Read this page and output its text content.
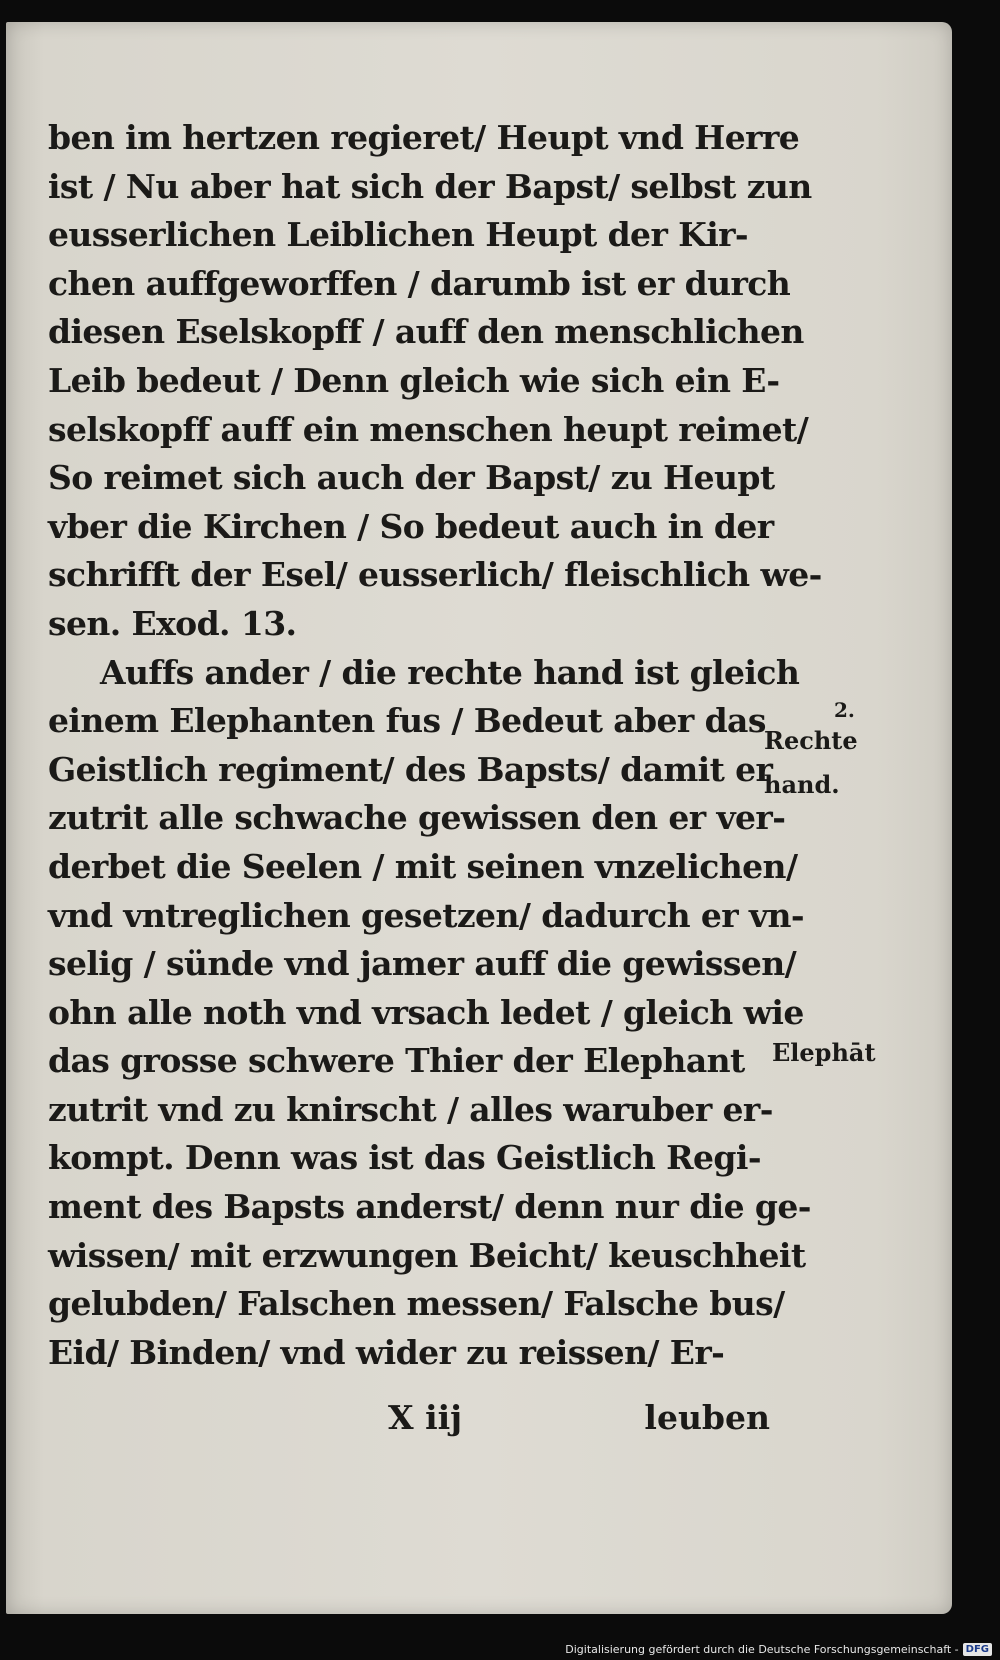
ben im hertzen regieret/ Heupt vnd Herre
ist / Nu aber hat sich der Bapst/ selbst zun
eusserlichen Leiblichen Heupt der Kir-
chen auffgeworffen / darumb ist er durch
diesen Eselskopff / auff den menschlichen
Leib bedeut / Denn gleich wie sich ein E-
selskopff auff ein menschen heupt reimet/
So reimet sich auch der Bapst/ zu Heupt
vber die Kirchen / So bedeut auch in der
schrifft der Esel/ eusserlich/ fleischlich we-
sen. Exod. 13.
Auffs ander / die rechte hand ist gleich
einem Elephanten fus / Bedeut aber das
Geistlich regiment/ des Bapsts/ damit er
zutrit alle schwache gewissen den er ver-
derbet die Seelen / mit seinen vnzelichen/
vnd vntreglichen gesetzen/ dadurch er vn-
selig / sünde vnd jamer auff die gewissen/
ohn alle noth vnd vrsach ledet / gleich wie
das grosse schwere Thier der Elephant
zutrit vnd zu knirscht / alles waruber er-
kompt. Denn was ist das Geistlich Regi-
ment des Bapsts anderst/ denn nur die ge-
wissen/ mit erzwungen Beicht/ keuschheit
gelubden/ Falschen messen/ Falsche bus/
Eid/ Binden/ vnd wider zu reissen/ Er-
X iij	leuben
2.
Rechte
hand.
Elephāt
Digitalisierung gefördert durch die Deutsche Forschungsgemeinschaft - DFG
